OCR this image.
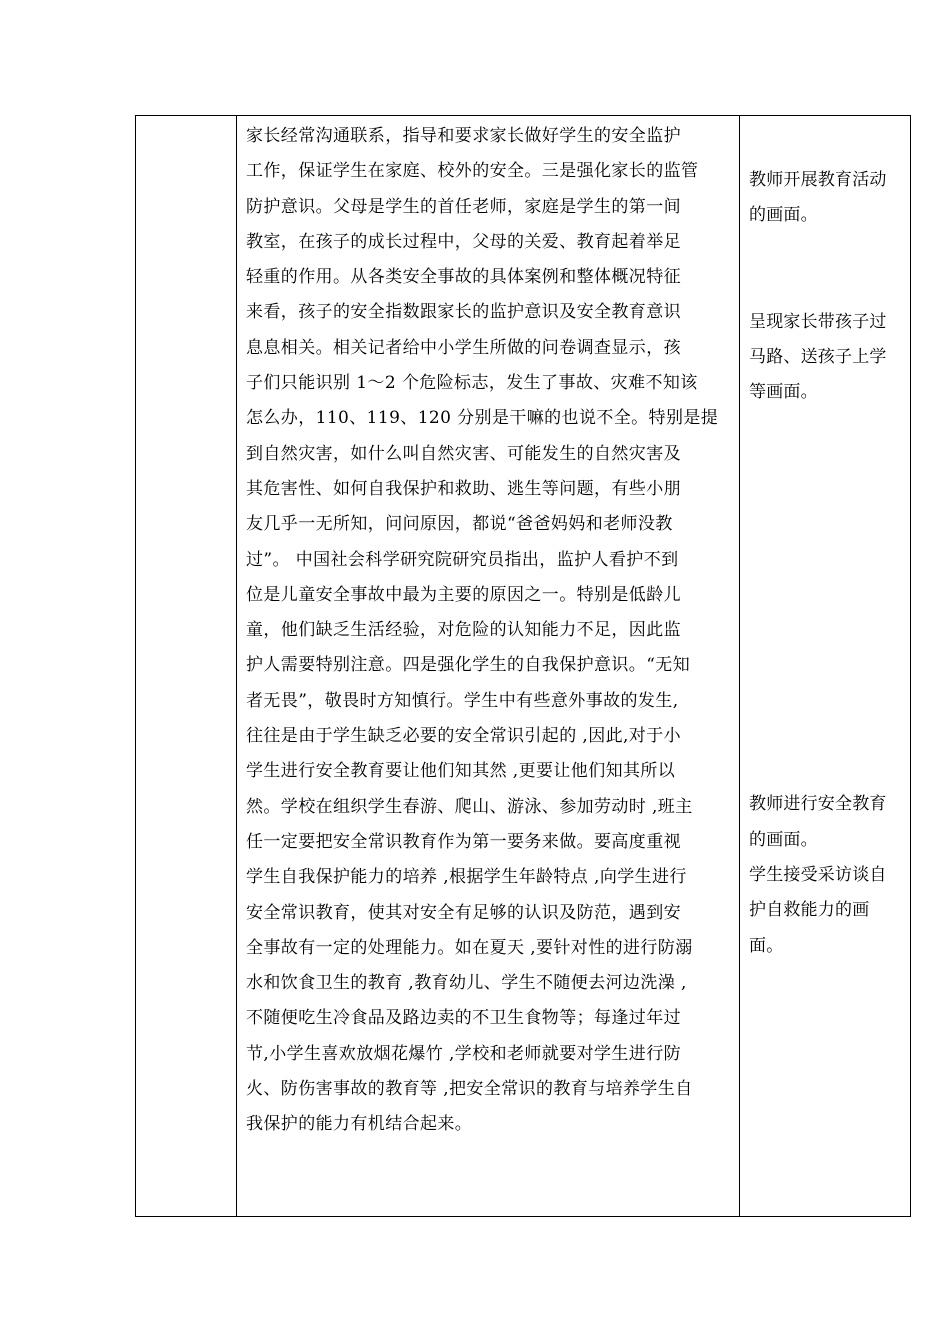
家长经常沟通联系，指导和要求家长做好学生的安全监护
工作，保证学生在家庭、校外的安全。三是强化家长的监管
防护意识。父母是学生的首任老师，家庭是学生的第一间
教室，在孩子的成长过程中，父母的关爱、教育起着举足
轻重的作用。从各类安全事故的具体案例和整体概况特征
来看，孩子的安全指数跟家长的监护意识及安全教育意识
息息相关。相关记者给中小学生所做的问卷调查显示，孩
子们只能识别 1～2 个危险标志，发生了事故、灾难不知该
怎么办，110、119、120 分别是干嘛的也说不全。特别是提
到自然灾害，如什么叫自然灾害、可能发生的自然灾害及
其危害性、如何自我保护和救助、逃生等问题，有些小朋
友几乎一无所知，问问原因，都说“爸爸妈妈和老师没教
过”。 中国社会科学研究院研究员指出，监护人看护不到
位是儿童安全事故中最为主要的原因之一。特别是低龄儿
童，他们缺乏生活经验，对危险的认知能力不足，因此监
护人需要特别注意。四是强化学生的自我保护意识。“无知
者无畏”，敬畏时方知慎行。学生中有些意外事故的发生,
往往是由于学生缺乏必要的安全常识引起的 ,因此,对于小
学生进行安全教育要让他们知其然 ,更要让他们知其所以
然。学校在组织学生春游、爬山、游泳、参加劳动时 ,班主
任一定要把安全常识教育作为第一要务来做。要高度重视
学生自我保护能力的培养 ,根据学生年龄特点 ,向学生进行
安全常识教育，使其对安全有足够的认识及防范，遇到安
全事故有一定的处理能力。如在夏天 ,要针对性的进行防溺
水和饮食卫生的教育 ,教育幼儿、学生不随便去河边洗澡 ,
不随便吃生冷食品及路边卖的不卫生食物等；每逢过年过
节,小学生喜欢放烟花爆竹 ,学校和老师就要对学生进行防
火、防伤害事故的教育等 ,把安全常识的教育与培养学生自
我保护的能力有机结合起来。

教师开展教育活动
的画面。

呈现家长带孩子过
马路、送孩子上学
等画面。

教师进行安全教育
的画面。
学生接受采访谈自
护自救能力的画
面。
